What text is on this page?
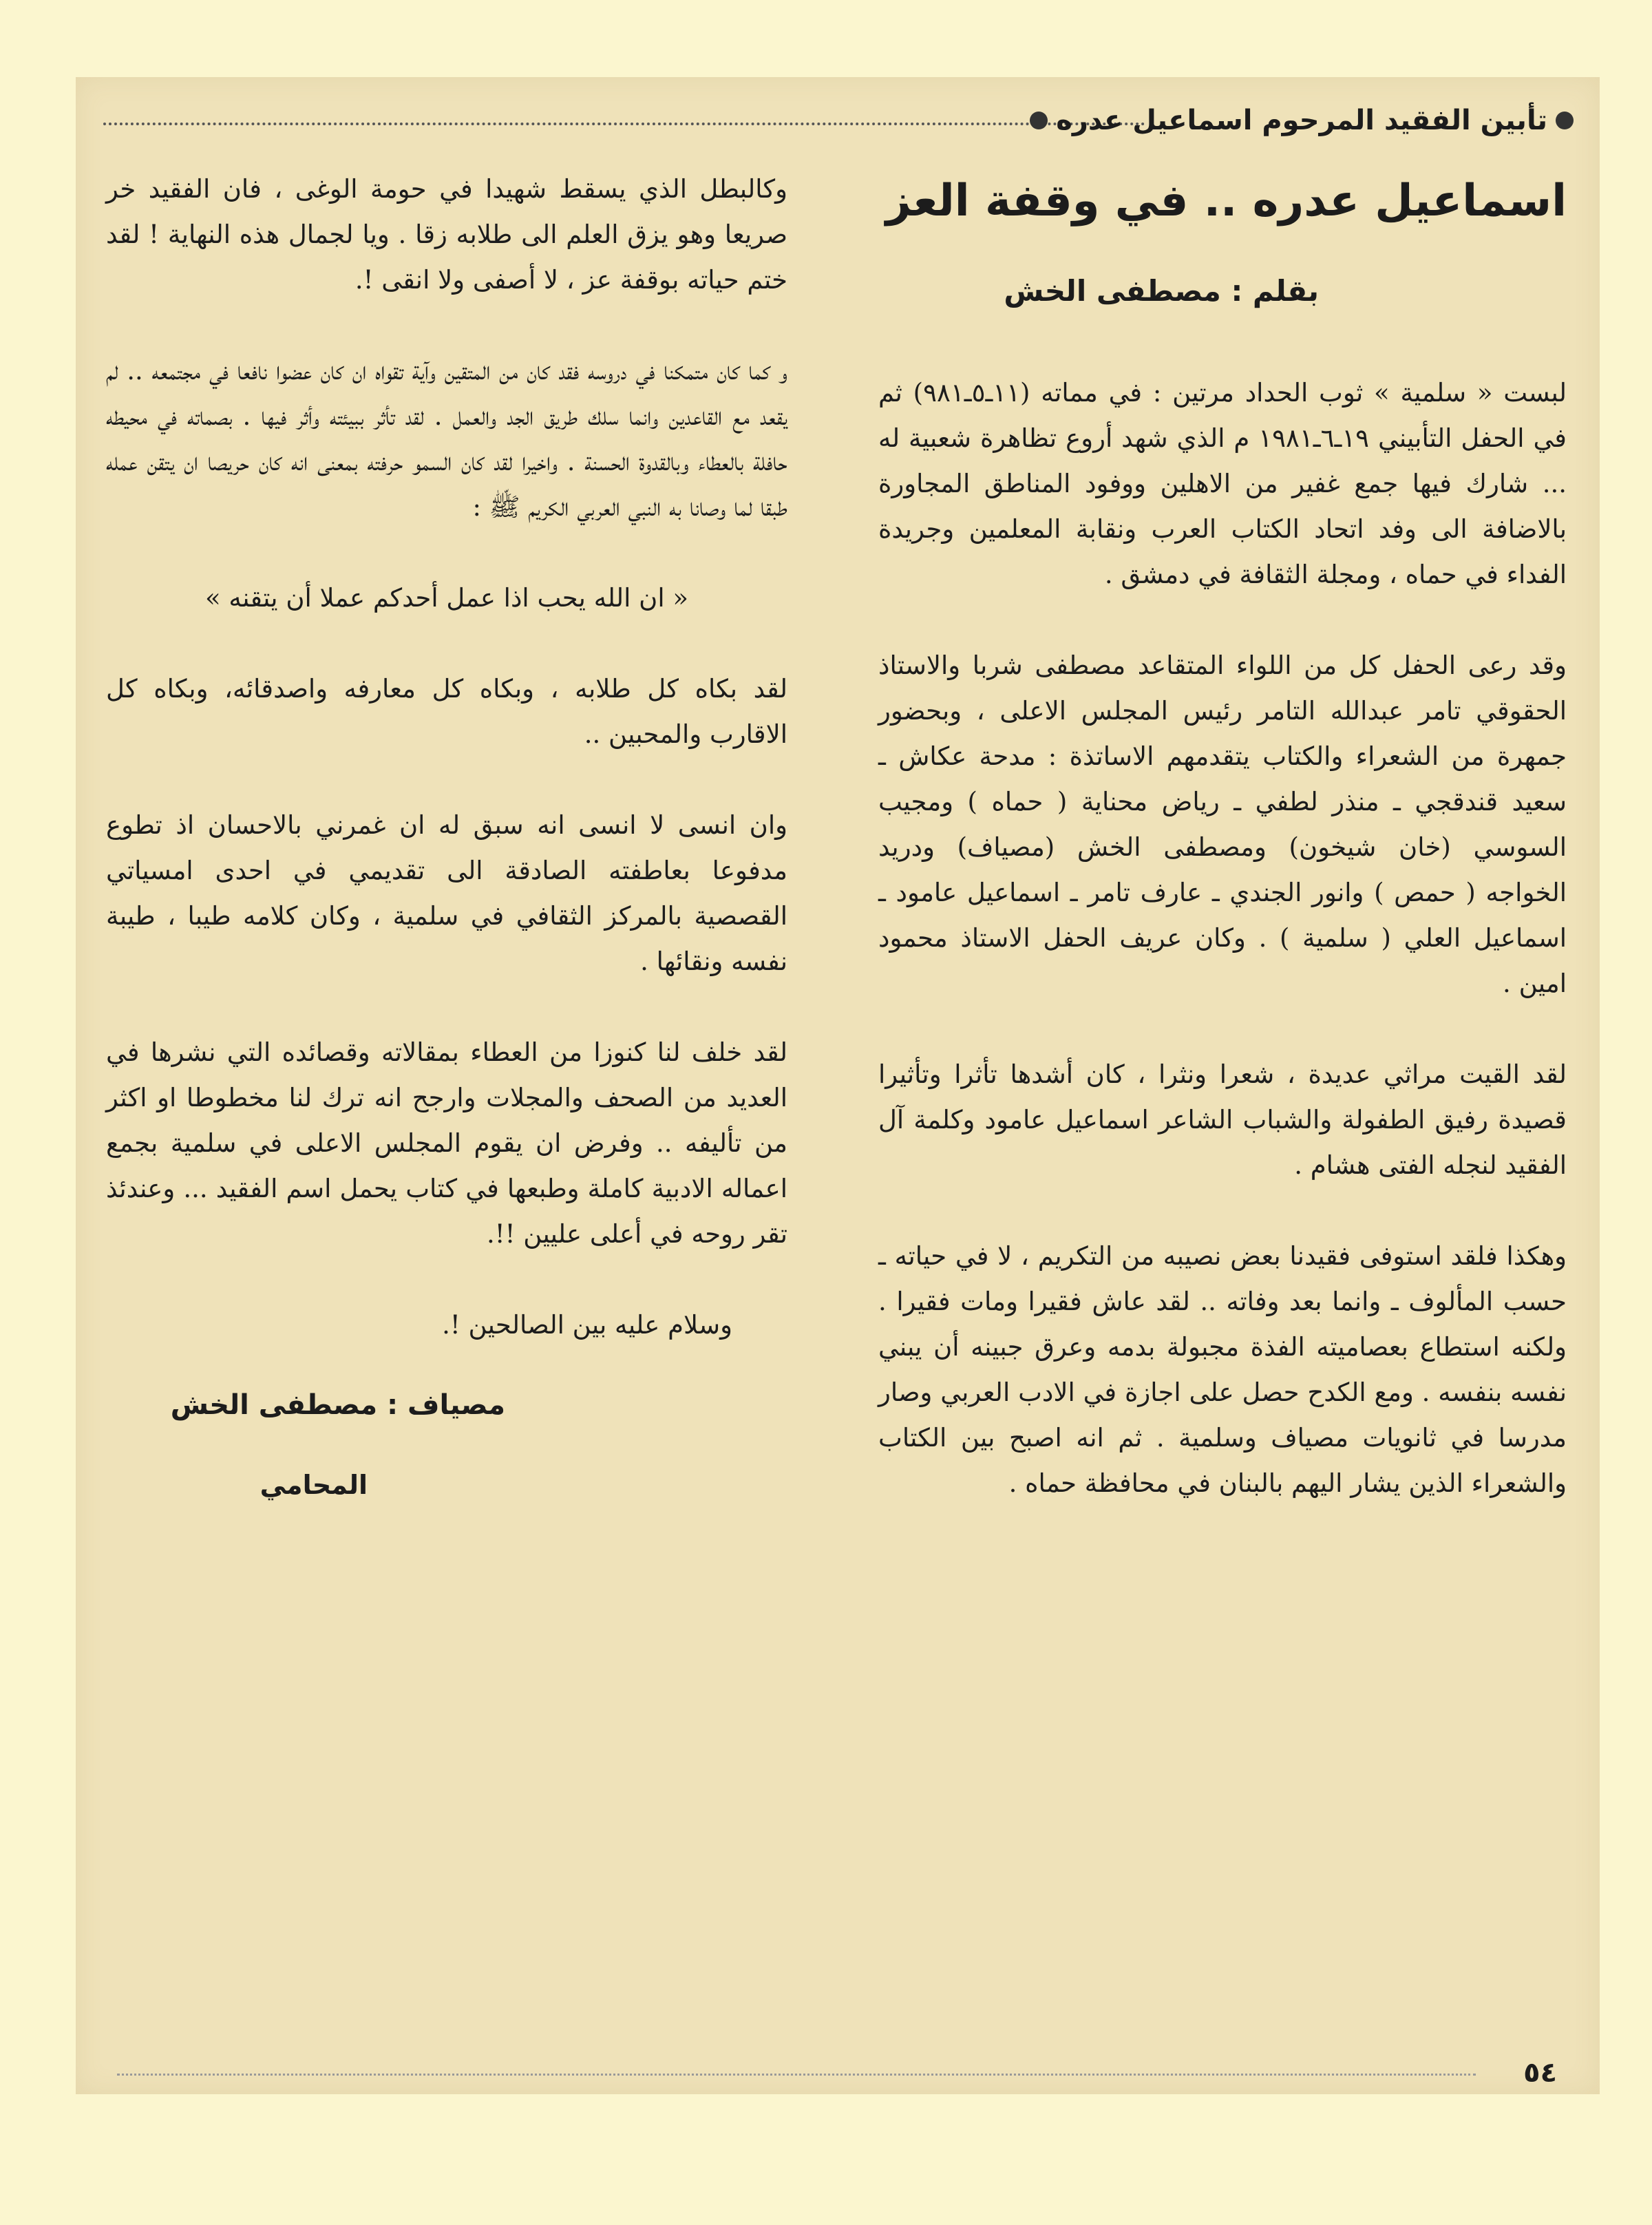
تأبين الفقيد المرحوم اسماعيل عدره
اسماعيل عدره .. في وقفة العز
بقلم : مصطفى الخش

لبست « سلمية » ثوب الحداد مرتين : في مماته (١١ـ٥ـ٩٨١) ثم في الحفل التأبيني ١٩ـ٦ـ١٩٨١ م الذي شهد أروع تظاهرة شعبية له ... شارك فيها جمع غفير من الاهلين ووفود المناطق المجاورة بالاضافة الى وفد اتحاد الكتاب العرب ونقابة المعلمين وجريدة الفداء في حماه ، ومجلة الثقافة في دمشق .

وقد رعى الحفل كل من اللواء المتقاعد مصطفى شربا والاستاذ الحقوقي تامر عبدالله التامر رئيس المجلس الاعلى ، وبحضور جمهرة من الشعراء والكتاب يتقدمهم الاساتذة : مدحة عكاش ـ سعيد قندقجي ـ منذر لطفي ـ رياض محناية ( حماه ) ومجيب السوسي (خان شيخون) ومصطفى الخش (مصياف) ودريد الخواجه ( حمص ) وانور الجندي ـ عارف تامر ـ اسماعيل عامود ـ اسماعيل العلي ( سلمية ) . وكان عريف الحفل الاستاذ محمود امين .

لقد القيت مراثي عديدة ، شعرا ونثرا ، كان أشدها تأثرا وتأثيرا قصيدة رفيق الطفولة والشباب الشاعر اسماعيل عامود وكلمة آل الفقيد لنجله الفتى هشام .

وهكذا فلقد استوفى فقيدنا بعض نصيبه من التكريم ، لا في حياته ـ حسب المألوف ـ وانما بعد وفاته .. لقد عاش فقيرا ومات فقيرا . ولكنه استطاع بعصاميته الفذة مجبولة بدمه وعرق جبينه أن يبني نفسه بنفسه . ومع الكدح حصل على اجازة في الادب العربي وصار مدرسا في ثانويات مصياف وسلمية . ثم انه اصبح بين الكتاب والشعراء الذين يشار اليهم بالبنان في محافظة حماه .

وكالبطل الذي يسقط شهيدا في حومة الوغى ، فان الفقيد خر صريعا وهو يزق العلم الى طلابه زقا . ويا لجمال هذه النهاية ! لقد ختم حياته بوقفة عز ، لا أصفى ولا انقى !.

و كما كان متمكنا في دروسه فقد كان من المتقين وآية تقواه ان كان عضوا نافعا في مجتمعه .. لم يقعد مع القاعدين وانما سلك طريق الجد والعمل . لقد تأثر ببيئته وأثر فيها . بصماته في محيطه حافلة بالعطاء وبالقدوة الحسنة . واخيرا لقد كان السمو حرفته بمعنى انه كان حريصا ان يتقن عمله طبقا لما وصانا به النبي العربي الكريم ﷺ :

« ان الله يحب اذا عمل أحدكم عملا أن يتقنه »

لقد بكاه كل طلابه ، وبكاه كل معارفه واصدقائه، وبكاه كل الاقارب والمحبين ..

وان انسى لا انسى انه سبق له ان غمرني بالاحسان اذ تطوع مدفوعا بعاطفته الصادقة الى تقديمي في احدى امسياتي القصصية بالمركز الثقافي في سلمية ، وكان كلامه طيبا ، طيبة نفسه ونقائها .

لقد خلف لنا كنوزا من العطاء بمقالاته وقصائده التي نشرها في العديد من الصحف والمجلات وارجح انه ترك لنا مخطوطا او اكثر من تأليفه .. وفرض ان يقوم المجلس الاعلى في سلمية بجمع اعماله الادبية كاملة وطبعها في كتاب يحمل اسم الفقيد ... وعندئذ تقر روحه في أعلى عليين !!.

وسلام عليه بين الصالحين !.

مصياف : مصطفى الخش
المحامي
٥٤
